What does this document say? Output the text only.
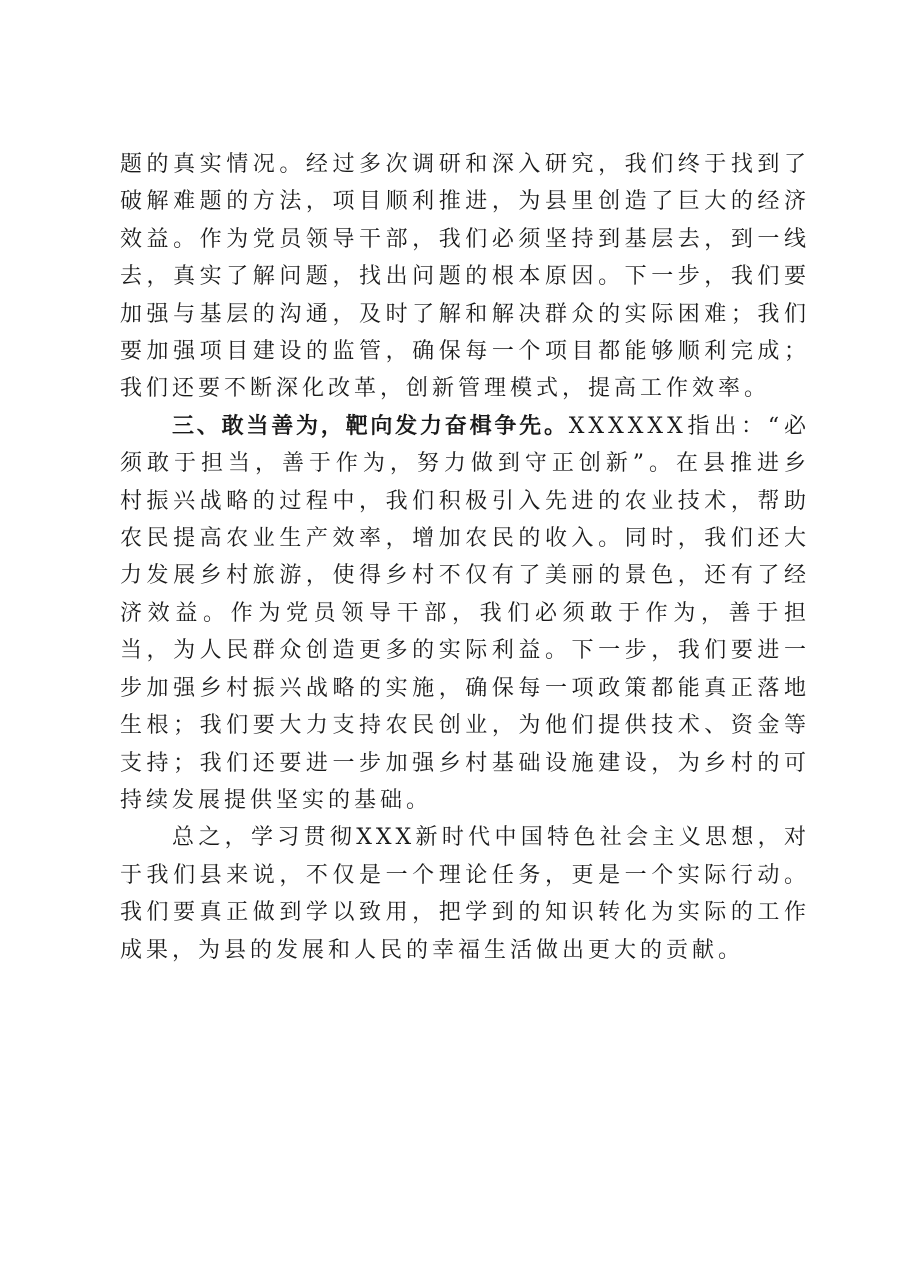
题的真实情况。经过多次调研和深入研究，我们终于找到了破解难题的方法，项目顺利推进，为县里创造了巨大的经济效益。作为党员领导干部，我们必须坚持到基层去，到一线去，真实了解问题，找出问题的根本原因。下一步，我们要加强与基层的沟通，及时了解和解决群众的实际困难；我们要加强项目建设的监管，确保每一个项目都能够顺利完成；我们还要不断深化改革，创新管理模式，提高工作效率。

三、敢当善为，靶向发力奋楫争先。XXXXXX指出：“必须敢于担当，善于作为，努力做到守正创新”。在县推进乡村振兴战略的过程中，我们积极引入先进的农业技术，帮助农民提高农业生产效率，增加农民的收入。同时，我们还大力发展乡村旅游，使得乡村不仅有了美丽的景色，还有了经济效益。作为党员领导干部，我们必须敢于作为，善于担当，为人民群众创造更多的实际利益。下一步，我们要进一步加强乡村振兴战略的实施，确保每一项政策都能真正落地生根；我们要大力支持农民创业，为他们提供技术、资金等支持；我们还要进一步加强乡村基础设施建设，为乡村的可持续发展提供坚实的基础。

总之，学习贯彻XXX新时代中国特色社会主义思想，对于我们县来说，不仅是一个理论任务，更是一个实际行动。我们要真正做到学以致用，把学到的知识转化为实际的工作成果，为县的发展和人民的幸福生活做出更大的贡献。
